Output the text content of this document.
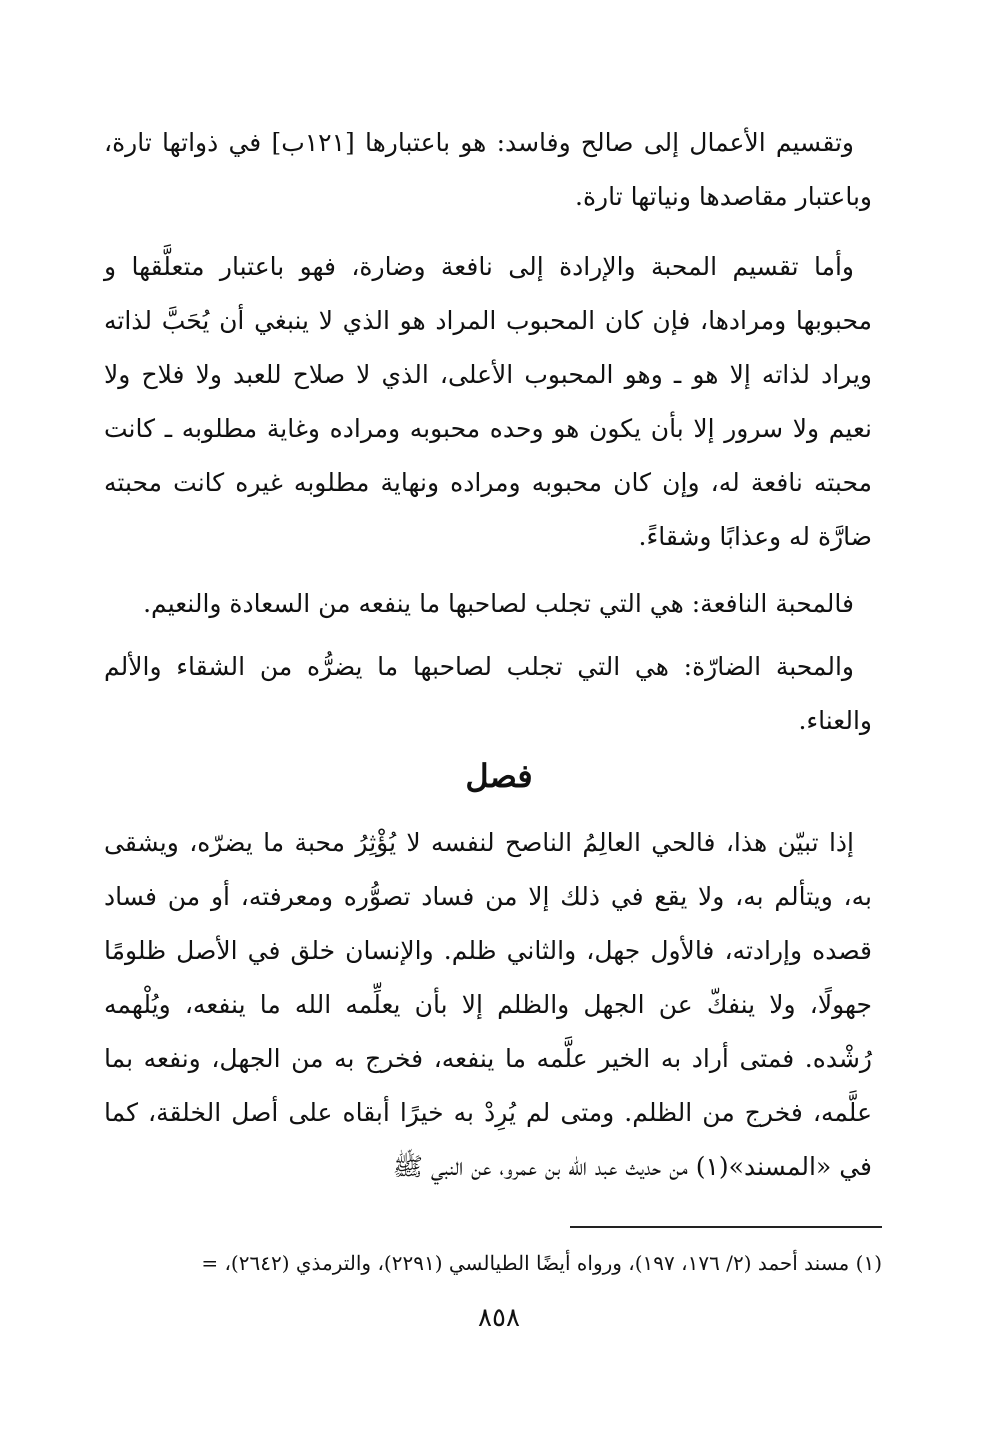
وتقسيم الأعمال إلى صالح وفاسد: هو باعتبارها [١٢١ب] في ذواتها تارة، وباعتبار مقاصدها ونياتها تارة.

وأما تقسيم المحبة والإرادة إلى نافعة وضارة، فهو باعتبار متعلَّقها و محبوبها ومرادها، فإن كان المحبوب المراد هو الذي لا ينبغي أن يُحَبَّ لذاته ويراد لذاته إلا هو ـ وهو المحبوب الأعلى، الذي لا صلاح للعبد ولا فلاح ولا نعيم ولا سرور إلا بأن يكون هو وحده محبوبه ومراده وغاية مطلوبه ـ كانت محبته نافعة له، وإن كان محبوبه ومراده ونهاية مطلوبه غيره كانت محبته ضارَّة له وعذابًا وشقاءً.

فالمحبة النافعة: هي التي تجلب لصاحبها ما ينفعه من السعادة والنعيم.

والمحبة الضارّة: هي التي تجلب لصاحبها ما يضرُّه من الشقاء والألم والعناء.

فصل

إذا تبيّن هذا، فالحي العالِمُ الناصح لنفسه لا يُؤْثِرُ محبة ما يضرّه، ويشقى به، ويتألم به، ولا يقع في ذلك إلا من فساد تصوُّره ومعرفته، أو من فساد قصده وإرادته، فالأول جهل، والثاني ظلم. والإنسان خلق في الأصل ظلومًا جهولًا، ولا ينفكّ عن الجهل والظلم إلا بأن يعلِّمه الله ما ينفعه، ويُلْهمه رُشْده. فمتى أراد به الخير علَّمه ما ينفعه، فخرج به من الجهل، ونفعه بما علَّمه، فخرج من الظلم. ومتى لم يُرِدْ به خيرًا أبقاه على أصل الخلقة، كما في «المسند»(١) من حديث عبد الله بن عمرو، عن النبي ﷺ

(١) مسند أحمد (٢/ ١٧٦، ١٩٧)، ورواه أيضًا الطيالسي (٢٢٩١)، والترمذي (٢٦٤٢)، =
٨٥٨
